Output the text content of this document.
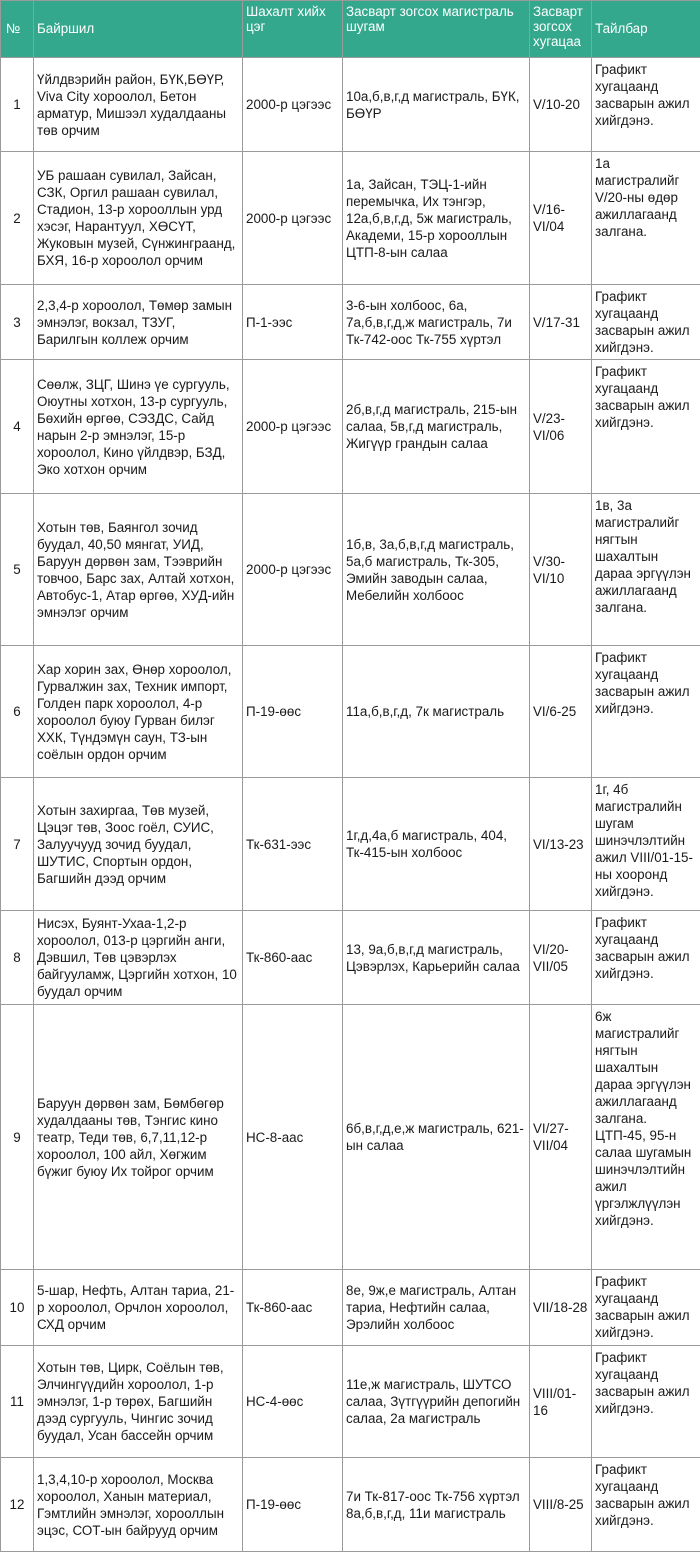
№	Байршил	Шахалт хийх цэг	Засварт зогсох магистраль шугам	Засварт зогсох хугацаа	Тайлбар
1	Үйлдвэрийн район, БҮК,БӨҮР, Viva City хороолол, Бетон арматур, Мишээл худалдааны төв орчим	2000-р цэгээс	10а,б,в,г,д магистраль, БҮК, БӨҮР	V/10-20	Графикт хугацаанд засварын ажил хийгдэнэ.
2	УБ рашаан сувилал, Зайсан, СЗК, Оргил рашаан сувилал, Стадион, 13-р хорооллын урд хэсэг, Нарантуул, ХӨСҮТ, Жуковын музей, Сүнжинграанд, БХЯ, 16-р хороолол орчим	2000-р цэгээс	1а, Зайсан, ТЭЦ-1-ийн перемычка, Их тэнгэр, 12а,б,в,г,д, 5ж магистраль, Академи, 15-р хорооллын ЦТП-8-ын салаа	V/16-VI/04	1а магистралийг V/20-ны өдөр ажиллагаанд залгана.
3	2,3,4-р хороолол, Төмөр замын эмнэлэг, вокзал, ТЗУГ, Барилгын коллеж орчим	П-1-ээс	3-6-ын холбоос, 6а, 7а,б,в,г,д,ж магистраль, 7и Тк-742-оос Тк-755 хүртэл	V/17-31	Графикт хугацаанд засварын ажил хийгдэнэ.
4	Сөөлж, ЗЦГ, Шинэ үе сургууль, Оюутны хотхон, 13-р сургууль, Бөхийн өргөө, СЭЗДС, Сайд нарын 2-р эмнэлэг, 15-р хороолол, Кино үйлдвэр, БЗД, Эко хотхон орчим	2000-р цэгээс	2б,в,г,д магистраль, 215-ын салаа, 5в,г,д магистраль, Жигүүр грандын салаа	V/23-VI/06	Графикт хугацаанд засварын ажил хийгдэнэ.
5	Хотын төв, Баянгол зочид буудал, 40,50 мянгат, УИД, Баруун дөрвөн зам, Тээврийн товчоо, Барс зах, Алтай хотхон, Автобус-1, Атар өргөө, ХУД-ийн эмнэлэг орчим	2000-р цэгээс	1б,в, 3а,б,в,г,д магистраль, 5а,б магистраль, Тк-305, Эмийн заводын салаа, Мебелийн холбоос	V/30-VI/10	1в, 3а магистралийг нягтын шахалтын дараа эргүүлэн ажиллагаанд залгана.
6	Хар хорин зах, Өнөр хороолол, Гурвалжин зах, Техник импорт, Голден парк хороолол, 4-р хороолол буюу Гурван билэг ХХК, Түндэмүн саун, ТЗ-ын соёлын ордон орчим	П-19-өөс	11а,б,в,г,д, 7к магистраль	VI/6-25	Графикт хугацаанд засварын ажил хийгдэнэ.
7	Хотын захиргаа, Төв музей, Цэцэг төв, Зоос гоёл, СУИС, Залуучууд зочид буудал, ШУТИС, Спортын ордон, Багшийн дээд орчим	Тк-631-ээс	1г,д,4а,б магистраль, 404, Тк-415-ын холбоос	VI/13-23	1г, 4б магистралийн шугам шинэчлэлтийн ажил VIII/01-15-ны хооронд хийгдэнэ.
8	Нисэх, Буянт-Ухаа-1,2-р хороолол, 013-р цэргийн анги, Дэвшил, Төв цэвэрлэх байгууламж, Цэргийн хотхон, 10 буудал орчим	Тк-860-аас	13, 9а,б,в,г,д магистраль, Цэвэрлэх, Карьерийн салаа	VI/20-VII/05	Графикт хугацаанд засварын ажил хийгдэнэ.
9	Баруун дөрвөн зам, Бөмбөгөр худалдааны төв, Тэнгис кино театр, Теди төв, 6,7,11,12-р хороолол, 100 айл, Хөгжим бүжиг буюу Их тойрог орчим	НС-8-аас	6б,в,г,д,е,ж магистраль, 621-ын салаа	VI/27-VII/04	6ж магистралийг нягтын шахалтын дараа эргүүлэн ажиллагаанд залгана. ЦТП-45, 95-н салаа шугамын шинэчлэлтийн ажил үргэлжлүүлэн хийгдэнэ.
10	5-шар, Нефть, Алтан тариа, 21-р хороолол, Орчлон хороолол, СХД орчим	Тк-860-аас	8е, 9ж,е магистраль, Алтан тариа, Нефтийн салаа, Эрэлийн холбоос	VII/18-28	Графикт хугацаанд засварын ажил хийгдэнэ.
11	Хотын төв, Цирк, Соёлын төв, Элчингүүдийн хороолол, 1-р эмнэлэг, 1-р төрөх, Багшийн дээд сургууль, Чингис зочид буудал, Усан бассейн орчим	НС-4-өөс	11е,ж магистраль, ШУТСО салаа, Зүтгүүрийн депогийн салаа, 2а магистраль	VIII/01-16	Графикт хугацаанд засварын ажил хийгдэнэ.
12	1,3,4,10-р хороолол, Москва хороолол, Ханын материал, Гэмтлийн эмнэлэг, хорооллын эцэс, СОТ-ын байрууд орчим	П-19-өөс	7и Тк-817-оос Тк-756 хүртэл 8а,б,в,г,д, 11и магистраль	VIII/8-25	Графикт хугацаанд засварын ажил хийгдэнэ.
